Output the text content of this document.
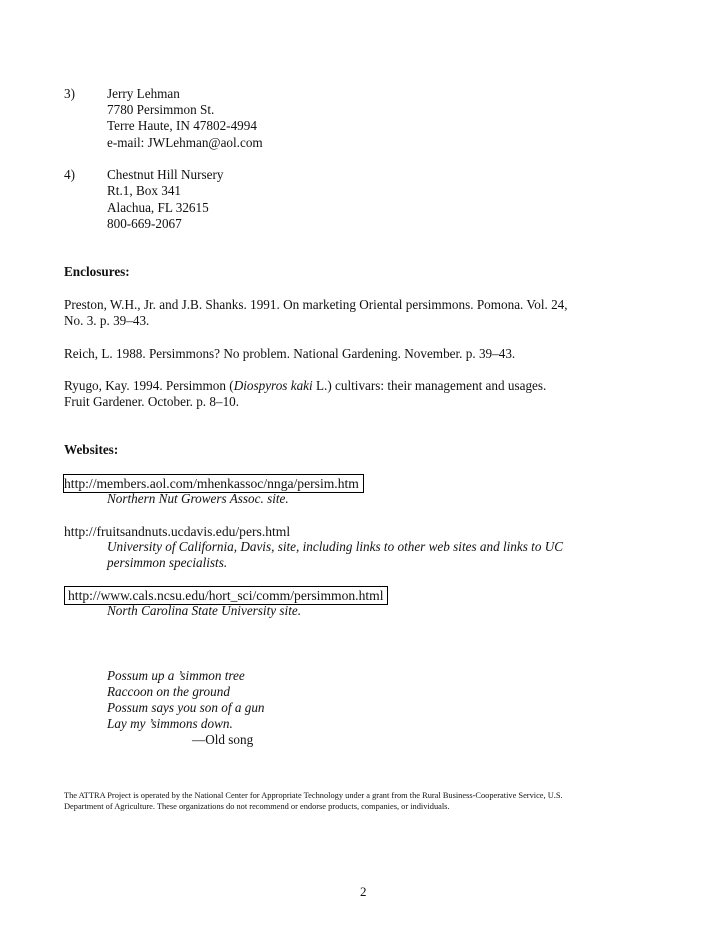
3) Jerry Lehman
7780 Persimmon St.
Terre Haute, IN 47802-4994
e-mail: JWLehman@aol.com
4) Chestnut Hill Nursery
Rt.1, Box 341
Alachua, FL 32615
800-669-2067
Enclosures:
Preston, W.H., Jr. and J.B. Shanks. 1991. On marketing Oriental persimmons. Pomona. Vol. 24,
No. 3. p. 39–43.
Reich, L. 1988. Persimmons? No problem. National Gardening. November. p. 39–43.
Ryugo, Kay. 1994. Persimmon (Diospyros kaki L.) cultivars: their management and usages.
Fruit Gardener. October. p. 8–10.
Websites:
http://members.aol.com/mhenkassoc/nnga/persim.htm
Northern Nut Growers Assoc. site.
http://fruitsandnuts.ucdavis.edu/pers.html
University of California, Davis, site, including links to other web sites and links to UC
persimmon specialists.
http://www.cals.ncsu.edu/hort_sci/comm/persimmon.html
North Carolina State University site.
Possum up a ’simmon tree
Raccoon on the ground
Possum says you son of a gun
Lay my ’simmons down.
—Old song
The ATTRA Project is operated by the National Center for Appropriate Technology under a grant from the Rural Business-Cooperative Service, U.S.
Department of Agriculture. These organizations do not recommend or endorse products, companies, or individuals.
2
